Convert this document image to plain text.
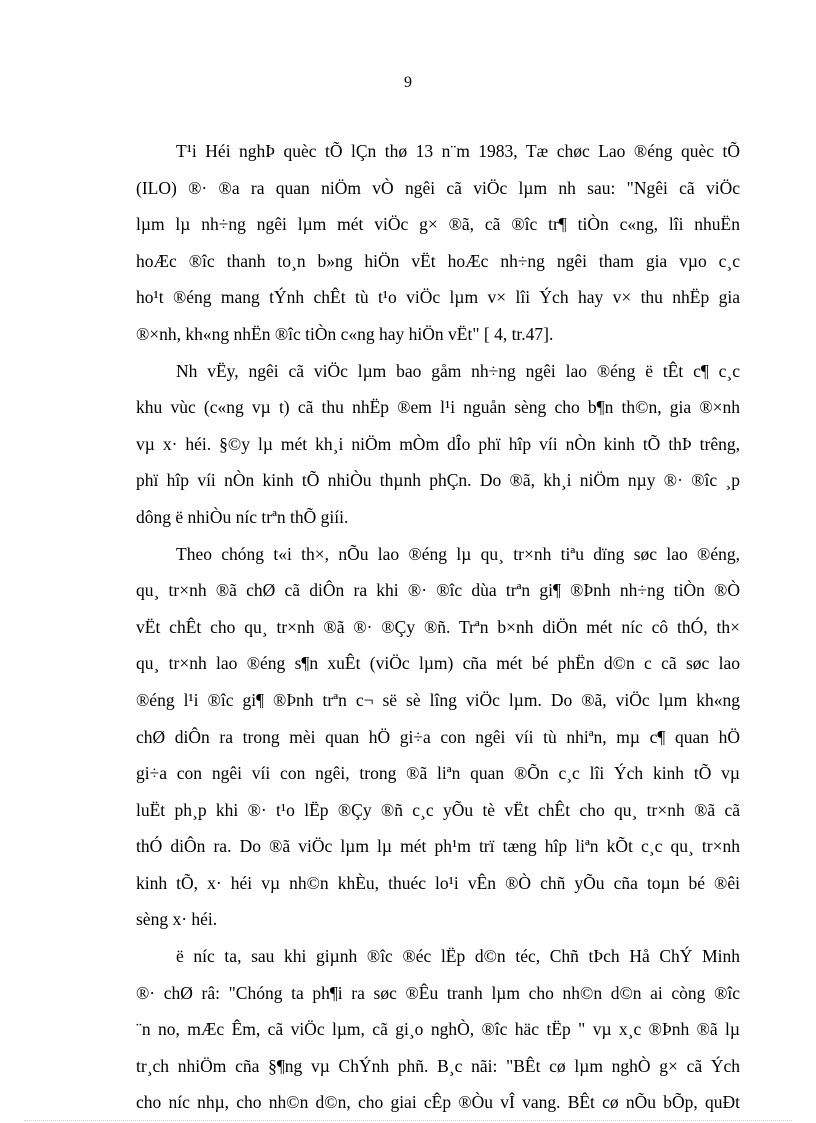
9
T¹i Héi nghÞ quèc tÕ lÇn thø 13 n¨m 1983, Tæ chøc Lao ®éng quèc tÕ
(ILO) ®· ®a ra quan niÖm vÒ ngêi cã viÖc lµm nh sau: "Ngêi cã viÖc
lµm lµ nh÷ng ngêi lµm mét viÖc g× ®ã, cã ®îc tr¶ tiÒn c«ng, lîi nhuËn
hoÆc ®îc thanh to¸n b»ng hiÖn vËt hoÆc nh÷ng ngêi tham gia vµo c¸c
ho¹t ®éng mang tÝnh chÊt tù t¹o viÖc lµm v× lîi Ých hay v× thu nhËp gia
®×nh, kh«ng nhËn ®îc tiÒn c«ng hay hiÖn vËt" [ 4, tr.47].
Nh vËy, ngêi cã viÖc lµm bao gåm nh÷ng ngêi lao ®éng ë tÊt c¶ c¸c
khu vùc (c«ng vµ t) cã thu nhËp ®em l¹i nguån sèng cho b¶n th©n, gia ®×nh
vµ x· héi. §©y lµ mét kh¸i niÖm mÒm dÎo phï hîp víi nÒn kinh tÕ thÞ trêng,
phï hîp víi nÒn kinh tÕ nhiÒu thµnh phÇn. Do ®ã, kh¸i niÖm nµy ®· ®îc ¸p
dông ë nhiÒu níc trªn thÕ giíi.
Theo chóng t«i th×, nÕu lao ®éng lµ qu¸ tr×nh tiªu dïng søc lao ®éng,
qu¸ tr×nh ®ã chØ cã diÔn ra khi ®· ®îc dùa trªn gi¶ ®Þnh nh÷ng tiÒn ®Ò
vËt chÊt cho qu¸ tr×nh ®ã ®· ®Çy ®ñ. Trªn b×nh diÖn mét níc cô thÓ, th×
qu¸ tr×nh lao ®éng s¶n xuÊt (viÖc lµm) cña mét bé phËn d©n c cã søc lao
®éng l¹i ®îc gi¶ ®Þnh trªn c¬ së sè lîng viÖc lµm. Do ®ã, viÖc lµm kh«ng
chØ diÔn ra trong mèi quan hÖ gi÷a con ngêi víi tù nhiªn, mµ c¶ quan hÖ
gi÷a con ngêi víi con ngêi, trong ®ã liªn quan ®Õn c¸c lîi Ých kinh tÕ vµ
luËt ph¸p khi ®· t¹o lËp ®Çy ®ñ c¸c yÕu tè vËt chÊt cho qu¸ tr×nh ®ã cã
thÓ diÔn ra. Do ®ã viÖc lµm lµ mét ph¹m trï tæng hîp liªn kÕt c¸c qu¸ tr×nh
kinh tÕ, x· héi vµ nh©n khÈu, thuéc lo¹i vÊn ®Ò chñ yÕu cña toµn bé ®êi
sèng x· héi.
ë níc ta, sau khi giµnh ®îc ®éc lËp d©n téc, Chñ tÞch Hå ChÝ Minh
®· chØ râ: "Chóng ta ph¶i ra søc ®Êu tranh lµm cho nh©n d©n ai còng ®îc
¨n no, mÆc Êm, cã viÖc lµm, cã gi¸o nghÒ, ®îc häc tËp " vµ x¸c ®Þnh ®ã lµ
tr¸ch nhiÖm cña §¶ng vµ ChÝnh phñ. B¸c nãi: "BÊt cø lµm nghÒ g× cã Ých
cho níc nhµ, cho nh©n d©n, cho giai cÊp ®Òu vÎ vang. BÊt cø nÕu bÕp, quÐt
